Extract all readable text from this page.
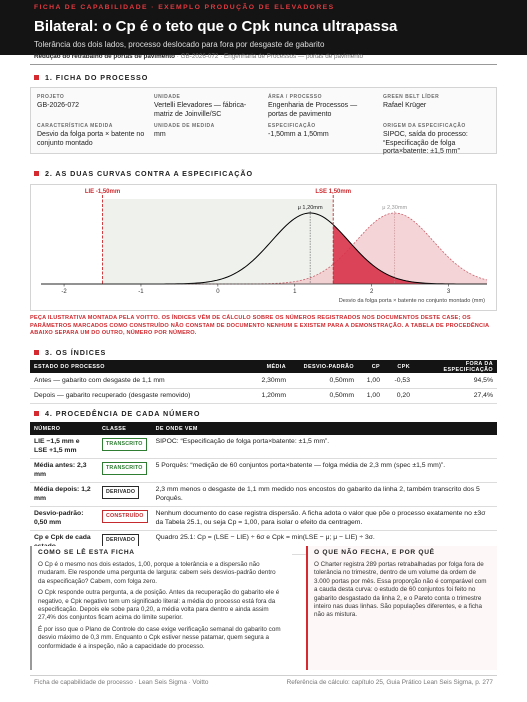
FICHA DE CAPABILIDADE · EXEMPLO PRODUÇÃO DE ELEVADORES
Bilateral: o Cp é o teto que o Cpk nunca ultrapassa
Tolerância dos dois lados, processo deslocado para fora por desgaste de gabarito
Redução do retrabalho de portas de pavimento · GB-2026-072 · Engenharia de Processos — portas de pavimento
1. FICHA DO PROCESSO
PROJETO
GB-2026-072
UNIDADE
Vertelli Elevadores — fábrica-matriz de Joinville/SC
ÁREA / PROCESSO
Engenharia de Processos — portas de pavimento
GREEN BELT LÍDER
Rafael Krüger
CARACTERÍSTICA MEDIDA
Desvio da folga porta × batente no conjunto montado
UNIDADE DE MEDIDA
mm
ESPECIFICAÇÃO
-1,50mm a 1,50mm
ORIGEM DA ESPECIFICAÇÃO
SIPOC, saída do processo: “Especificação de folga porta×batente: ±1,5 mm”
2. AS DUAS CURVAS CONTRA A ESPECIFICAÇÃO
μ 1,20mm	μ 2,30mm
LIE -1,50mm	LSE 1,50mm
-2	-1	0	1	2	3
Desvio da folga porta × batente no conjunto montado (mm)
PEÇA ILUSTRATIVA MONTADA PELA VOITTO. OS ÍNDICES VÊM DE CÁLCULO SOBRE OS NÚMEROS REGISTRADOS NOS DOCUMENTOS DESTE CASE; OS PARÂMETROS MARCADOS COMO CONSTRUÍDO NÃO CONSTAM DE DOCUMENTO NENHUM E EXISTEM PARA A DEMONSTRAÇÃO. A TABELA DE PROCEDÊNCIA ABAIXO SEPARA UM DO OUTRO, NÚMERO POR NÚMERO.
3. OS ÍNDICES
ESTADO DO PROCESSO	MÉDIA	DESVIO-PADRÃO	CP	CPK	FORA DA ESPECIFICAÇÃO
Antes — gabarito com desgaste de 1,1 mm	2,30mm	0,50mm	1,00	-0,53	94,5%
Depois — gabarito recuperado (desgaste removido)	1,20mm	0,50mm	1,00	0,20	27,4%
4. PROCEDÊNCIA DE CADA NÚMERO
NÚMERO	CLASSE	DE ONDE VEM
LIE −1,5 mm e LSE +1,5 mm	TRANSCRITO	SIPOC: “Especificação de folga porta×batente: ±1,5 mm”.
Média antes: 2,3 mm	TRANSCRITO	5 Porquês: “medição de 60 conjuntos porta×batente — folga média de 2,3 mm (spec ±1,5 mm)”.
Média depois: 1,2 mm	DERIVADO	2,3 mm menos o desgaste de 1,1 mm medido nos encostos do gabarito da linha 2, também transcrito dos 5 Porquês.
Desvio-padrão: 0,50 mm	CONSTRUÍDO	Nenhum documento do case registra dispersão. A ficha adota o valor que põe o processo exatamente no ±3σ da Tabela 25.1, ou seja Cp = 1,00, para isolar o efeito da centragem.
Cp e Cpk de cada	DERIVADO	Quadro 25.1: Cp = (LSE − LIE) ÷ 6σ e Cpk = min(LSE − μ; μ − LIE) ÷ 3σ.
COMO SE LÊ ESTA FICHA

O Cp é o mesmo nos dois estados, 1,00, porque a tolerância e a dispersão não mudaram. Ele responde uma pergunta de largura: cabem seis desvios-padrão dentro da especificação? Cabem, com folga zero.

O Cpk responde outra pergunta, a de posição. Antes da recuperação do gabarito ele é negativo, e Cpk negativo tem um significado literal: a média do processo está fora da especificação. Depois ele sobe para 0,20, a média volta para dentro e ainda assim 27,4% dos conjuntos ficam acima do limite superior.

É por isso que o Plano de Controle do case exige verificação semanal do gabarito com desvio máximo de 0,3 mm. Enquanto o Cpk estiver nesse patamar, quem segura a conformidade é a inspeção, não a capacidade do processo.

O QUE NÃO FECHA, E POR QUÊ

O Charter registra 289 portas retrabalhadas por folga fora de tolerância no trimestre, dentro de um volume da ordem de 3.000 portas por mês. Essa proporção não é comparável com a cauda desta curva: o estudo de 60 conjuntos foi feito no gabarito desgastado da linha 2, e o Pareto conta o trimestre inteiro nas duas linhas. São populações diferentes, e a ficha não as mistura.

Ficha de capabilidade de processo · Lean Seis Sigma · Voitto	Referência de cálculo: capítulo 25, Guia Prático Lean Seis Sigma, p. 277
